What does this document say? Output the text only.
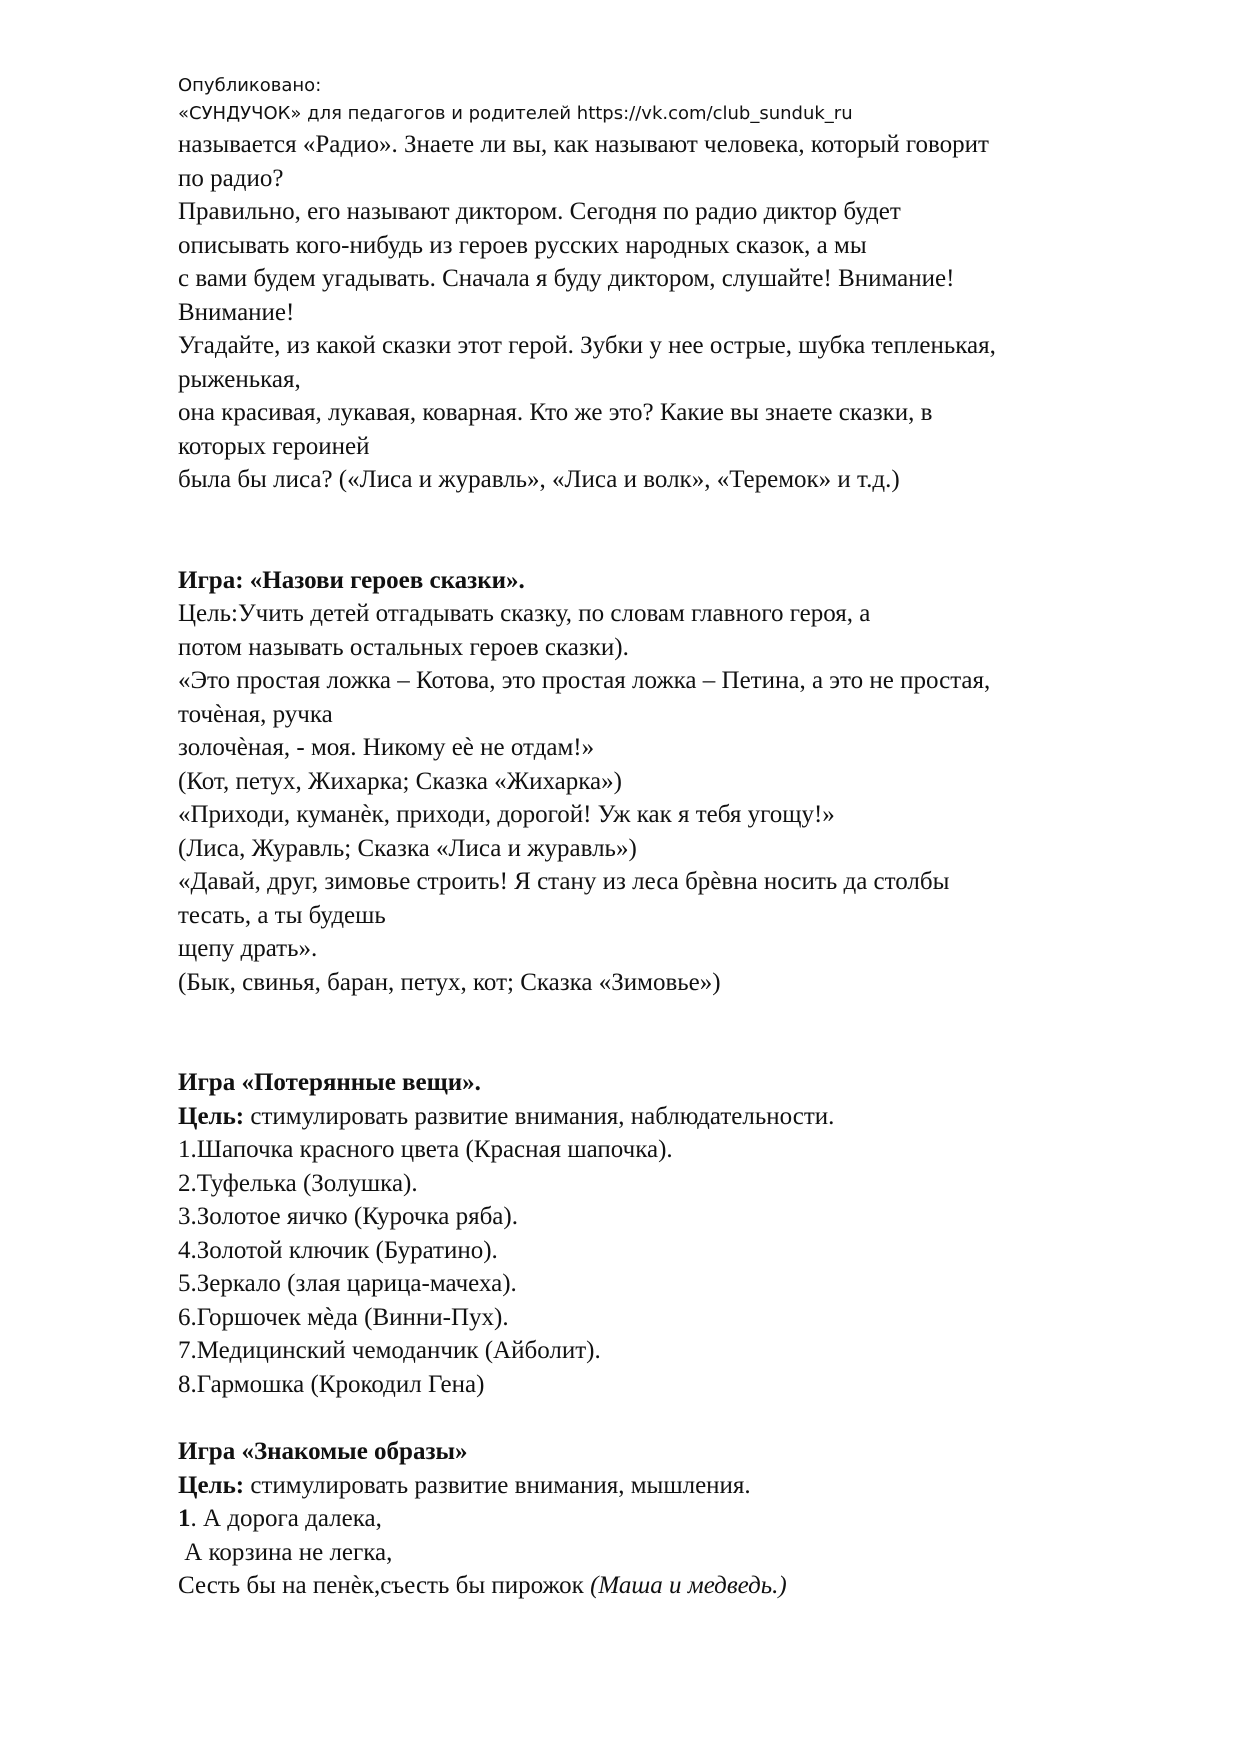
Опубликовано:
«СУНДУЧОК» для педагогов и родителей https://vk.com/club_sunduk_ru
называется «Радио». Знаете ли вы, как называют человека, который говорит
по радио?
Правильно, его называют диктором. Сегодня по радио диктор будет
описывать кого-нибудь из героев русских народных сказок, а мы
с вами будем угадывать. Сначала я буду диктором, слушайте! Внимание!
Внимание!
Угадайте, из какой сказки этот герой. Зубки у нее острые, шубка тепленькая,
рыженькая,
она красивая, лукавая, коварная. Кто же это? Какие вы знаете сказки, в
которых героиней
была бы лиса? («Лиса и журавль», «Лиса и волк», «Теремок» и т.д.)
Игра: «Назови героев сказки».
Цель:Учить детей отгадывать сказку, по словам главного героя, а
потом называть остальных героев сказки).
«Это простая ложка – Котова, это простая ложка – Петина, а это не простая,
точѐная, ручка
золочѐная, - моя. Никому еѐ не отдам!»
(Кот, петух, Жихарка; Сказка «Жихарка»)
«Приходи, куманѐк, приходи, дорогой! Уж как я тебя угощу!»
(Лиса, Журавль; Сказка «Лиса и журавль»)
«Давай, друг, зимовье строить! Я стану из леса брѐвна носить да столбы
тесать, а ты будешь
щепу драть».
(Бык, свинья, баран, петух, кот; Сказка «Зимовье»)
Игра «Потерянные вещи».
Цель: стимулировать развитие внимания, наблюдательности.
1.Шапочка красного цвета (Красная шапочка).
2.Туфелька (Золушка).
3.Золотое яичко (Курочка ряба).
4.Золотой ключик (Буратино).
5.Зеркало (злая царица-мачеха).
6.Горшочек мѐда (Винни-Пух).
7.Медицинский чемоданчик (Айболит).
8.Гармошка (Крокодил Гена)
Игра «Знакомые образы»
Цель: стимулировать развитие внимания, мышления.
1. А дорога далека,
А корзина не легка,
Сесть бы на пенѐк,съесть бы пирожок (Маша и медведь.)
